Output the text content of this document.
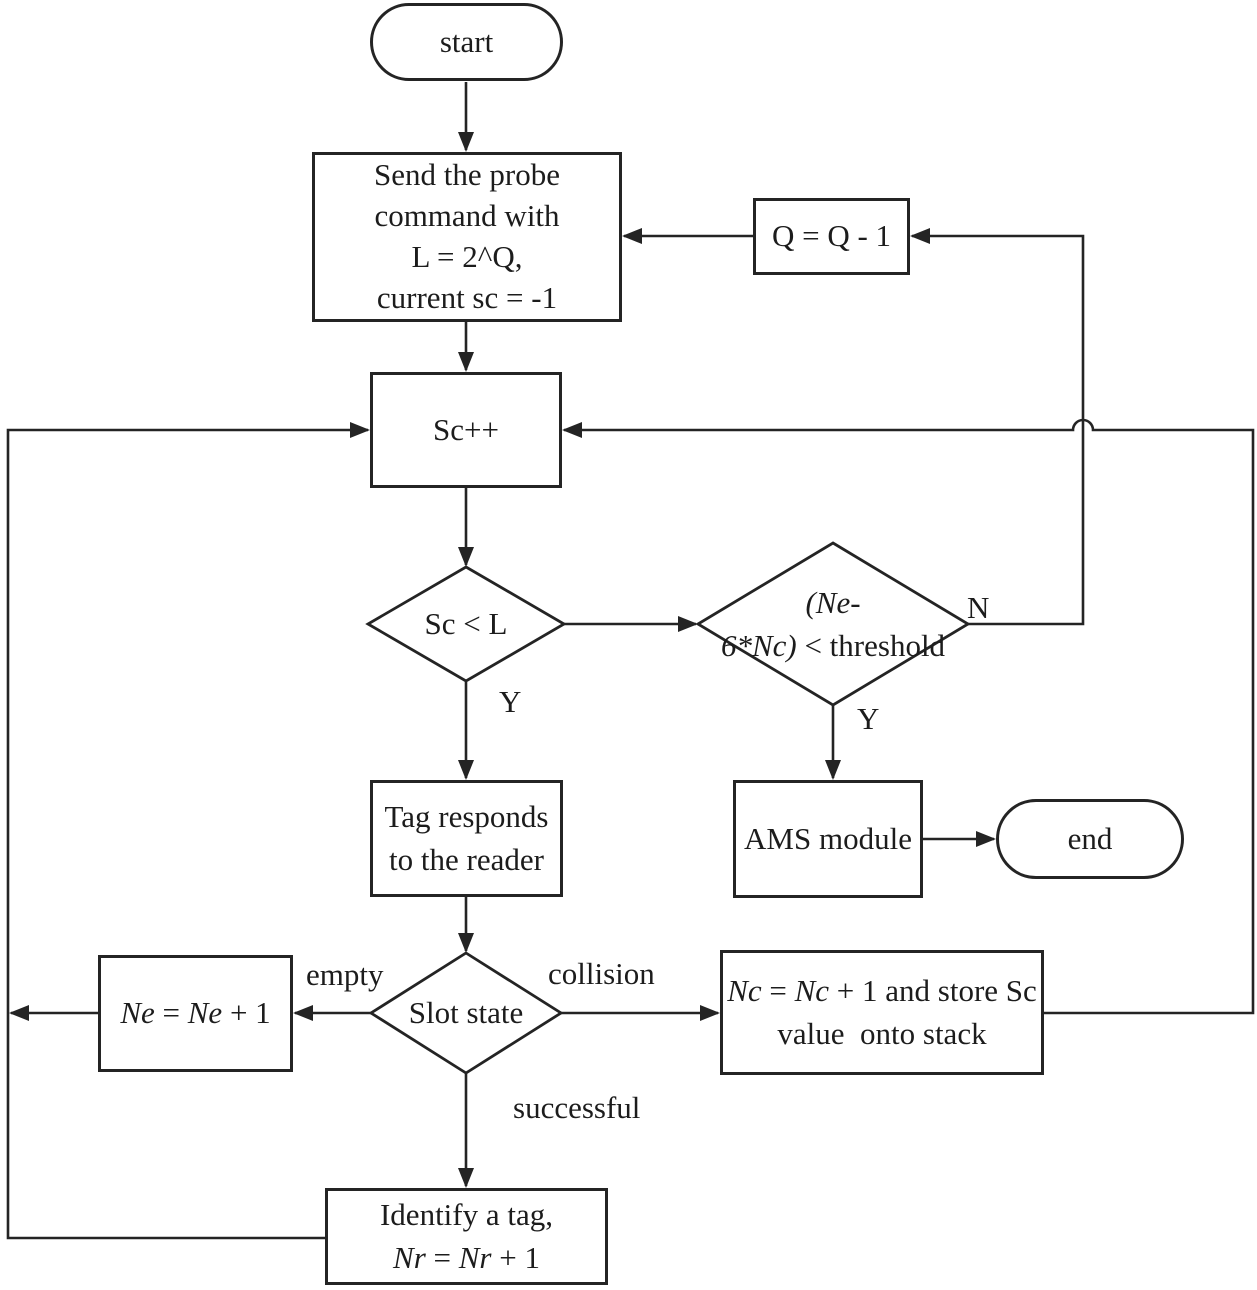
start
Send the probe
command with
L = 2^Q,
current sc = -1
Q = Q - 1
Sc++
Tag responds
to the reader
AMS module	end
Ne = Ne + 1
Nc = Nc + 1 and store Sc
value  onto stack
Identify a tag,
Nr = Nr + 1
Sc < L
(Ne-
6*Nc) < threshold
Slot state
Y
N
Y
empty	collision
successful
